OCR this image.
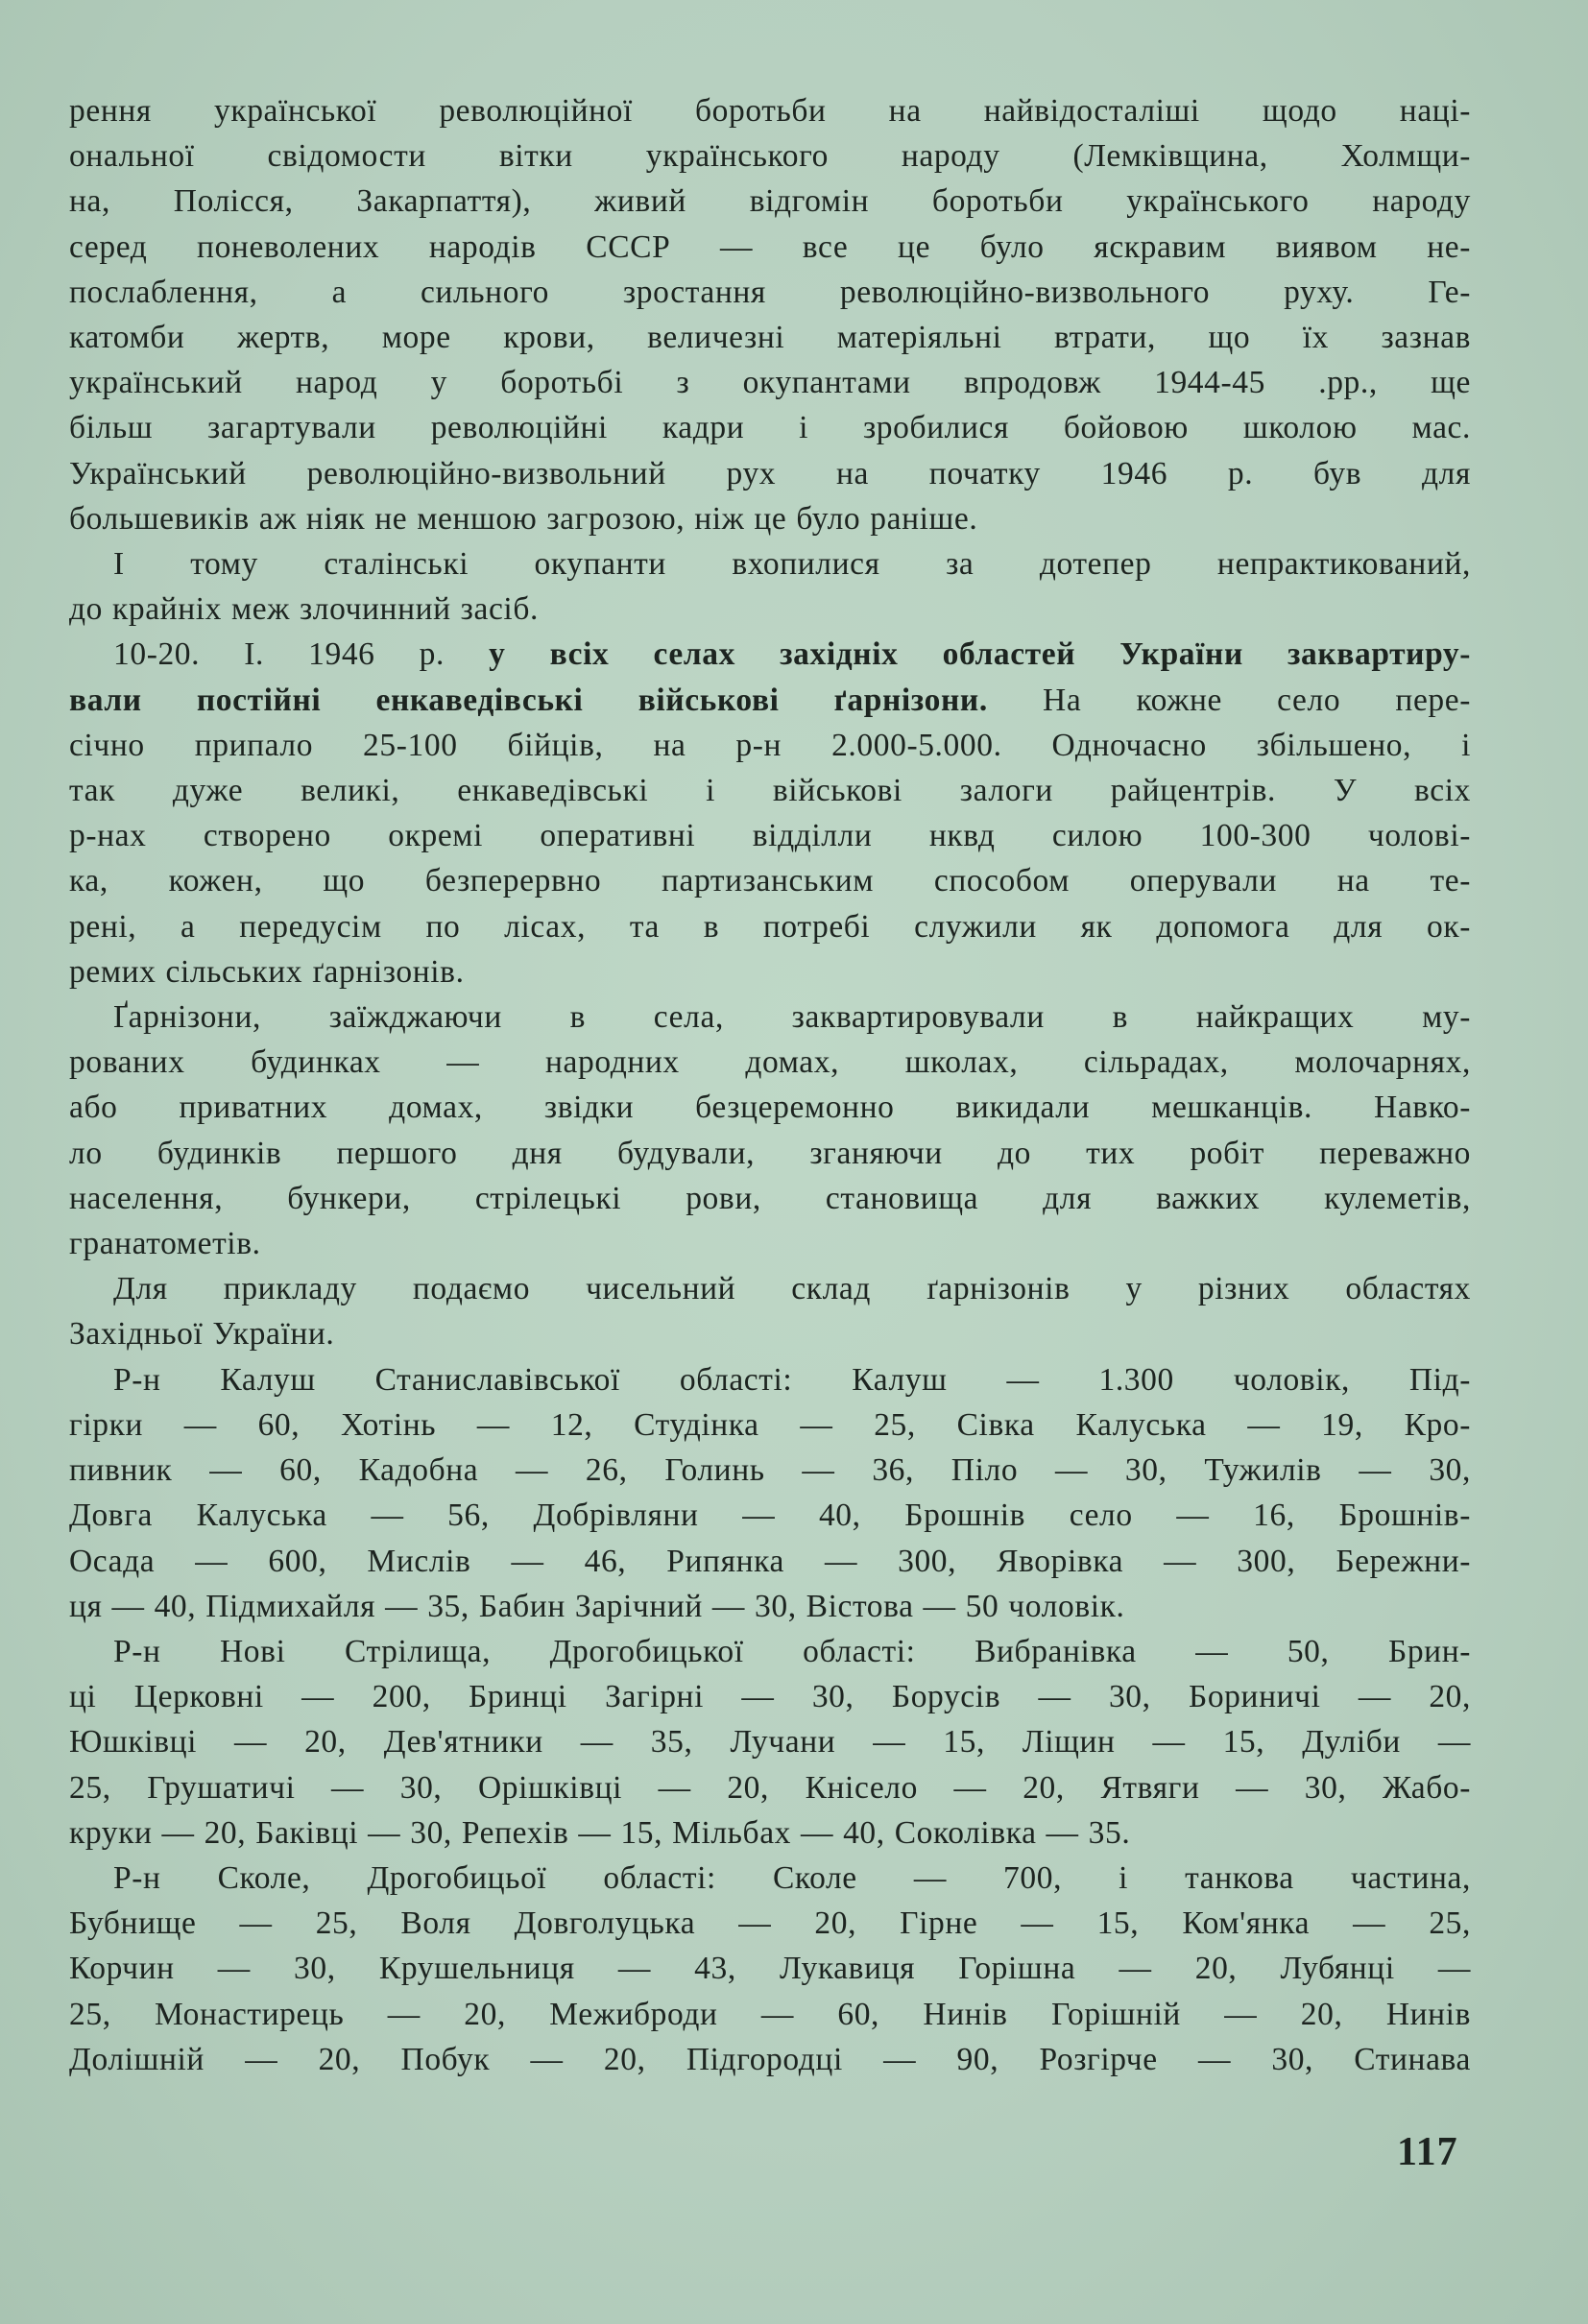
рення української революційної боротьби на найвідосталіші щодо наці-
ональної свідомости вітки українського народу (Лемківщина, Холмщи-
на, Полісся, Закарпаття), живий відгомін боротьби українського народу
серед поневолених народів СССР — все це було яскравим виявом не-
послаблення, а сильного зростання революційно-визвольного руху. Ге-
катомби жертв, море крови, величезні матеріяльні втрати, що їх зазнав
український народ у боротьбі з окупантами впродовж 1944-45 .рр., ще
більш загартували революційні кадри і зробилися бойовою школою мас.
Український революційно-визвольний рух на початку 1946 р. був для
большевиків аж ніяк не меншою загрозою, ніж це було раніше.

І тому сталінські окупанти вхопилися за дотепер непрактикований,
до крайніх меж злочинний засіб.

10-20. І. 1946 р. у всіх селах західніх областей України заквартиру-
вали постійні енкаведівські військові ґарнізони. На кожне село пере-
січно припало 25-100 бійців, на р-н 2.000-5.000. Одночасно збільшено, і
так дуже великі, енкаведівські і військові залоги райцентрів. У всіх
р-нах створено окремі оперативні відділли нквд силою 100-300 чолові-
ка, кожен, що безперервно партизанським способом оперували на те-
рені, а передусім по лісах, та в потребі служили як допомога для ок-
ремих сільських ґарнізонів.

Ґарнізони, заїжджаючи в села, заквартировували в найкращих му-
рованих будинках — народних домах, школах, сільрадах, молочарнях,
або приватних домах, звідки безцеремонно викидали мешканців. Навко-
ло будинків першого дня будували, зганяючи до тих робіт переважно
населення, бункери, стрілецькі рови, становища для важких кулеметів,
гранатометів.

Для прикладу подаємо чисельний склад ґарнізонів у різних областях
Західньої України.

Р-н Калуш Станиславівської області: Калуш — 1.300 чоловік, Під-
гірки — 60, Хотінь — 12, Студінка — 25, Сівка Калуська — 19, Кро-
пивник — 60, Кадобна — 26, Голинь — 36, Піло — 30, Тужилів — 30,
Довга Калуська — 56, Добрівляни — 40, Брошнів село — 16, Брошнів-
Осада — 600, Мислів — 46, Рипянка — 300, Яворівка — 300, Бережни-
ця — 40, Підмихайля — 35, Бабин Зарічний — 30, Вістова — 50 чоловік.

Р-н Нові Стрілища, Дрогобицької області: Вибранівка — 50, Брин-
ці Церковні — 200, Бринці Загірні — 30, Борусів — 30, Бориничі — 20,
Юшківці — 20, Дев'ятники — 35, Лучани — 15, Ліщин — 15, Дуліби —
25, Грушатичі — 30, Орішківці — 20, Кнісело — 20, Ятвяги — 30, Жабо-
круки — 20, Баківці — 30, Репехів — 15, Мільбах — 40, Соколівка — 35.

Р-н Сколе, Дрогобицьої області: Сколе — 700, і танкова частина,
Бубнище — 25, Воля Довголуцька — 20, Гірне — 15, Ком'янка — 25,
Корчин — 30, Крушельниця — 43, Лукавиця Горішна — 20, Лубянці —
25, Монастирець — 20, Межиброди — 60, Нинів Горішній — 20, Нинів
Долішній — 20, Побук — 20, Підгородці — 90, Розгірче — 30, Стинава

117
